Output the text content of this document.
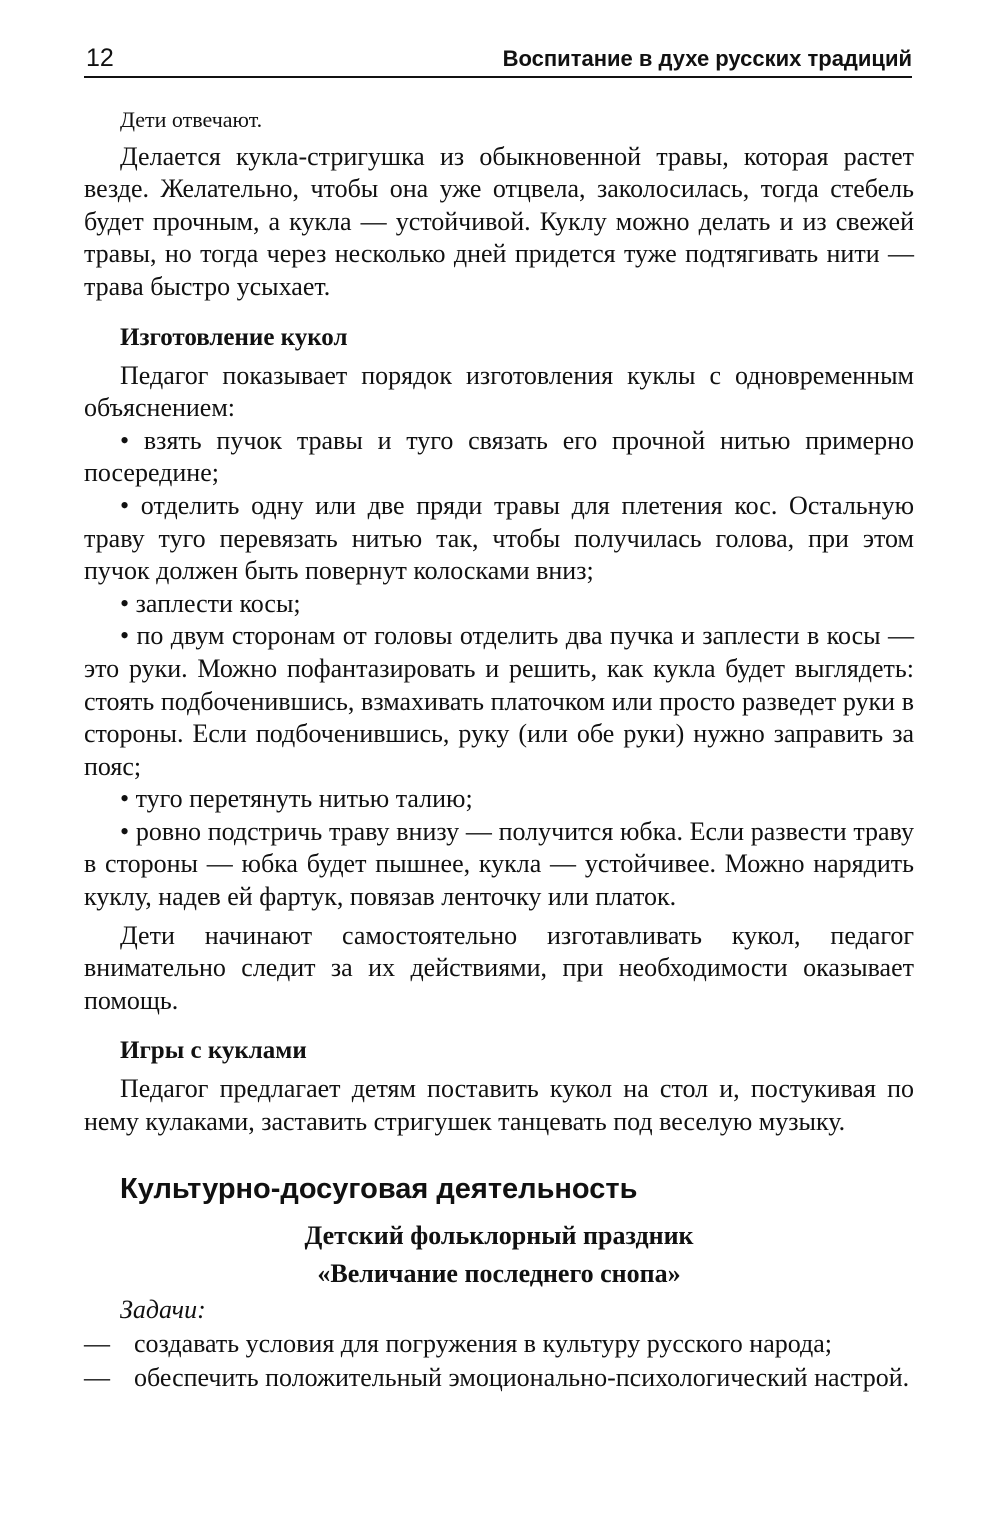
12	Воспитание в духе русских традиций

Дети отвечают.

Делается кукла-стригушка из обыкновенной травы, которая растет везде. Желательно, чтобы она уже отцвела, заколосилась, тогда стебель будет прочным, а кукла — устойчивой. Куклу можно делать и из свежей травы, но тогда через несколько дней придется туже подтягивать нити — трава быстро усыхает.

Изготовление кукол

Педагог показывает порядок изготовления куклы с одновременным объяснением:

• взять пучок травы и туго связать его прочной нитью примерно посередине;

• отделить одну или две пряди травы для плетения кос. Остальную траву туго перевязать нитью так, чтобы получилась голова, при этом пучок должен быть повернут колосками вниз;

• заплести косы;

• по двум сторонам от головы отделить два пучка и заплести в косы — это руки. Можно пофантазировать и решить, как кукла будет выглядеть: стоять подбоченившись, взмахивать платочком или просто разведет руки в стороны. Если подбоченившись, руку (или обе руки) нужно заправить за пояс;

• туго перетянуть нитью талию;

• ровно подстричь траву внизу — получится юбка. Если развести траву в стороны — юбка будет пышнее, кукла — устойчивее. Можно нарядить куклу, надев ей фартук, повязав ленточку или платок.

Дети начинают самостоятельно изготавливать кукол, педагог внимательно следит за их действиями, при необходимости оказывает помощь.

Игры с куклами

Педагог предлагает детям поставить кукол на стол и, постукивая по нему кулаками, заставить стригушек танцевать под веселую музыку.

Культурно-досуговая деятельность
Детский фольклорный праздник
«Величание последнего снопа»
Задачи:
— создавать условия для погружения в культуру русского народа;
— обеспечить положительный эмоционально-психологический настрой.
